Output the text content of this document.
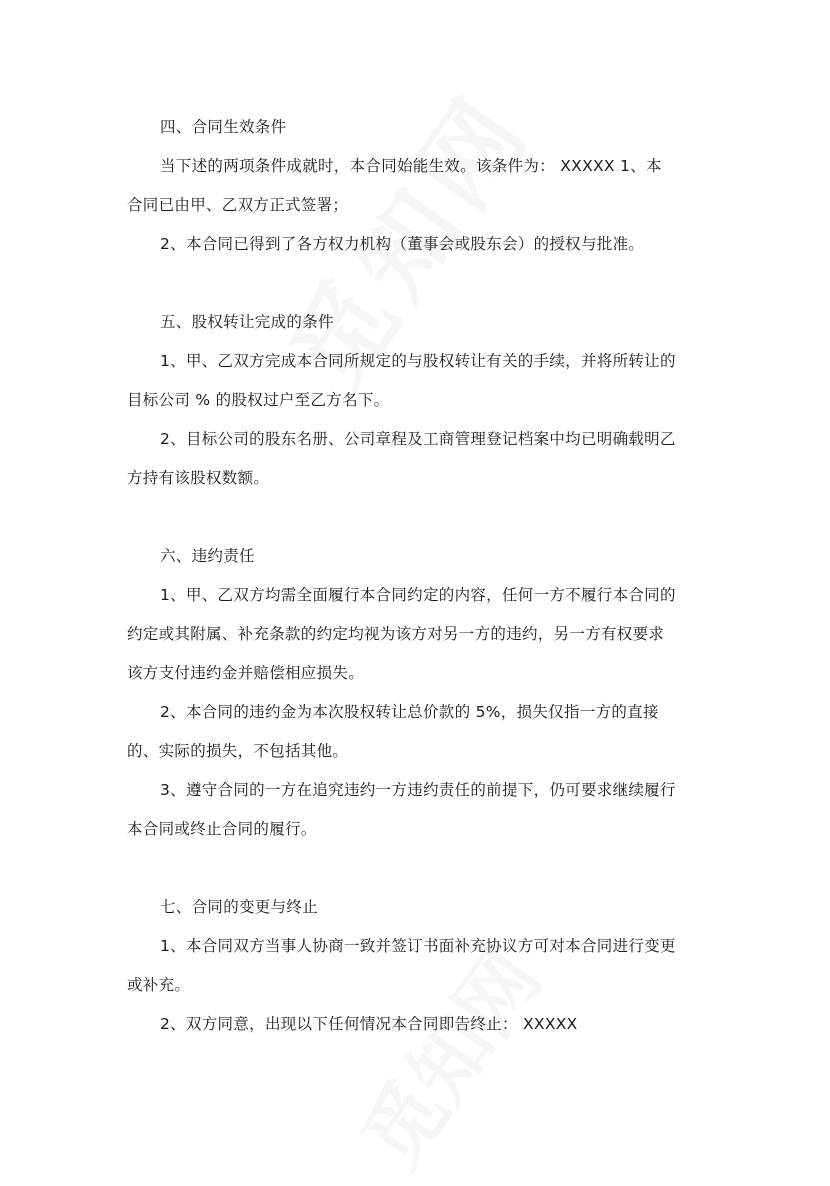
四、合同生效条件
当下述的两项条件成就时，本合同始能生效。该条件为： XXXXX 1、本
合同已由甲、乙双方正式签署；
2、本合同已得到了各方权力机构（董事会或股东会）的授权与批准。
五、股权转让完成的条件
1、甲、乙双方完成本合同所规定的与股权转让有关的手续，并将所转让的
目标公司 % 的股权过户至乙方名下。
2、目标公司的股东名册、公司章程及工商管理登记档案中均已明确载明乙
方持有该股权数额。
六、违约责任
1、甲、乙双方均需全面履行本合同约定的内容，任何一方不履行本合同的
约定或其附属、补充条款的约定均视为该方对另一方的违约，另一方有权要求
该方支付违约金并赔偿相应损失。
2、本合同的违约金为本次股权转让总价款的 5%，损失仅指一方的直接
的、实际的损失，不包括其他。
3、遵守合同的一方在追究违约一方违约责任的前提下，仍可要求继续履行
本合同或终止合同的履行。
七、合同的变更与终止
1、本合同双方当事人协商一致并签订书面补充协议方可对本合同进行变更
或补充。
2、双方同意，出现以下任何情况本合同即告终止： XXXXX
